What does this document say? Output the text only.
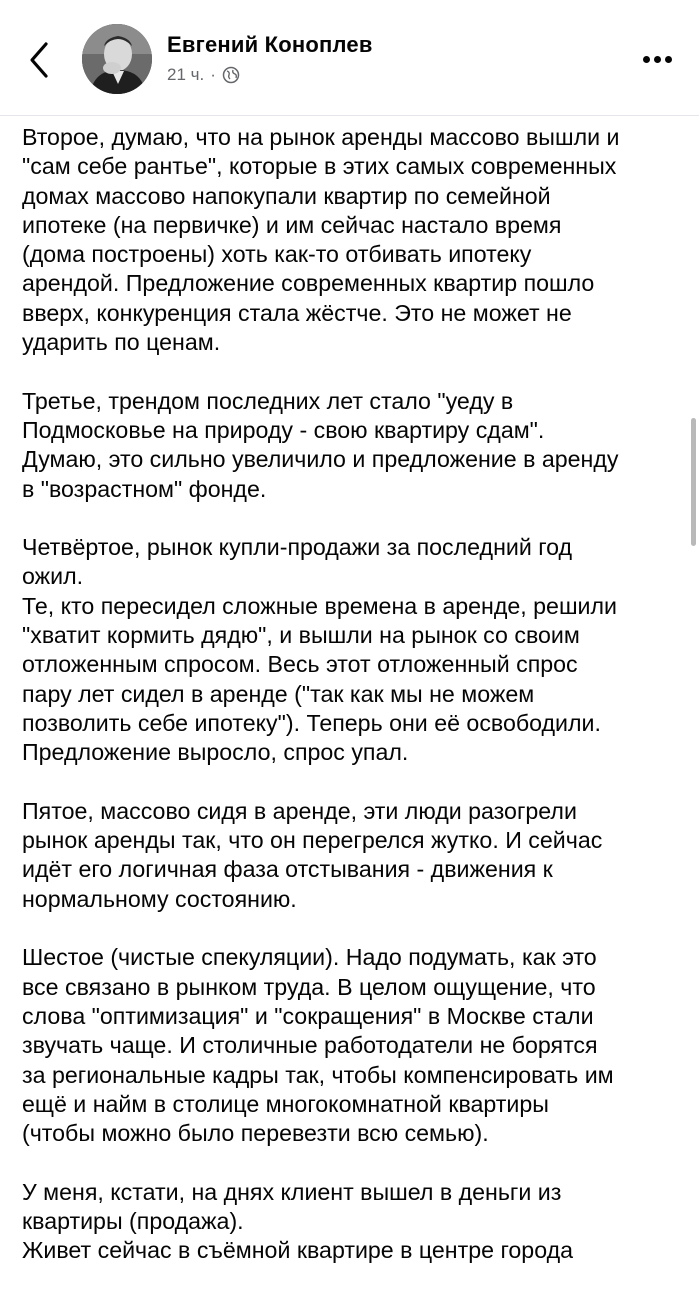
Евгений Коноплев
21 ч. ·

Второе, думаю, что на рынок аренды массово вышли и
"сам себе рантье", которые в этих самых современных
домах массово напокупали квартир по семейной
ипотеке (на первичке) и им сейчас настало время
(дома построены) хоть как-то отбивать ипотеку
арендой. Предложение современных квартир пошло
вверх, конкуренция стала жёстче. Это не может не
ударить по ценам.

Третье, трендом последних лет стало "уеду в
Подмосковье на природу - свою квартиру сдам".
Думаю, это сильно увеличило и предложение в аренду
в "возрастном" фонде.

Четвёртое, рынок купли-продажи за последний год
ожил.
Те, кто пересидел сложные времена в аренде, решили
"хватит кормить дядю", и вышли на рынок со своим
отложенным спросом. Весь этот отложенный спрос
пару лет сидел в аренде ("так как мы не можем
позволить себе ипотеку"). Теперь они её освободили.
Предложение выросло, спрос упал.

Пятое, массово сидя в аренде, эти люди разогрели
рынок аренды так, что он перегрелся жутко. И сейчас
идёт его логичная фаза отстывания - движения к
нормальному состоянию.

Шестое (чистые спекуляции). Надо подумать, как это
все связано в рынком труда. В целом ощущение, что
слова "оптимизация" и "сокращения" в Москве стали
звучать чаще. И столичные работодатели не борятся
за региональные кадры так, чтобы компенсировать им
ещё и найм в столице многокомнатной квартиры
(чтобы можно было перевезти всю семью).

У меня, кстати, на днях клиент вышел в деньги из
квартиры (продажа).
Живет сейчас в съёмной квартире в центре города
